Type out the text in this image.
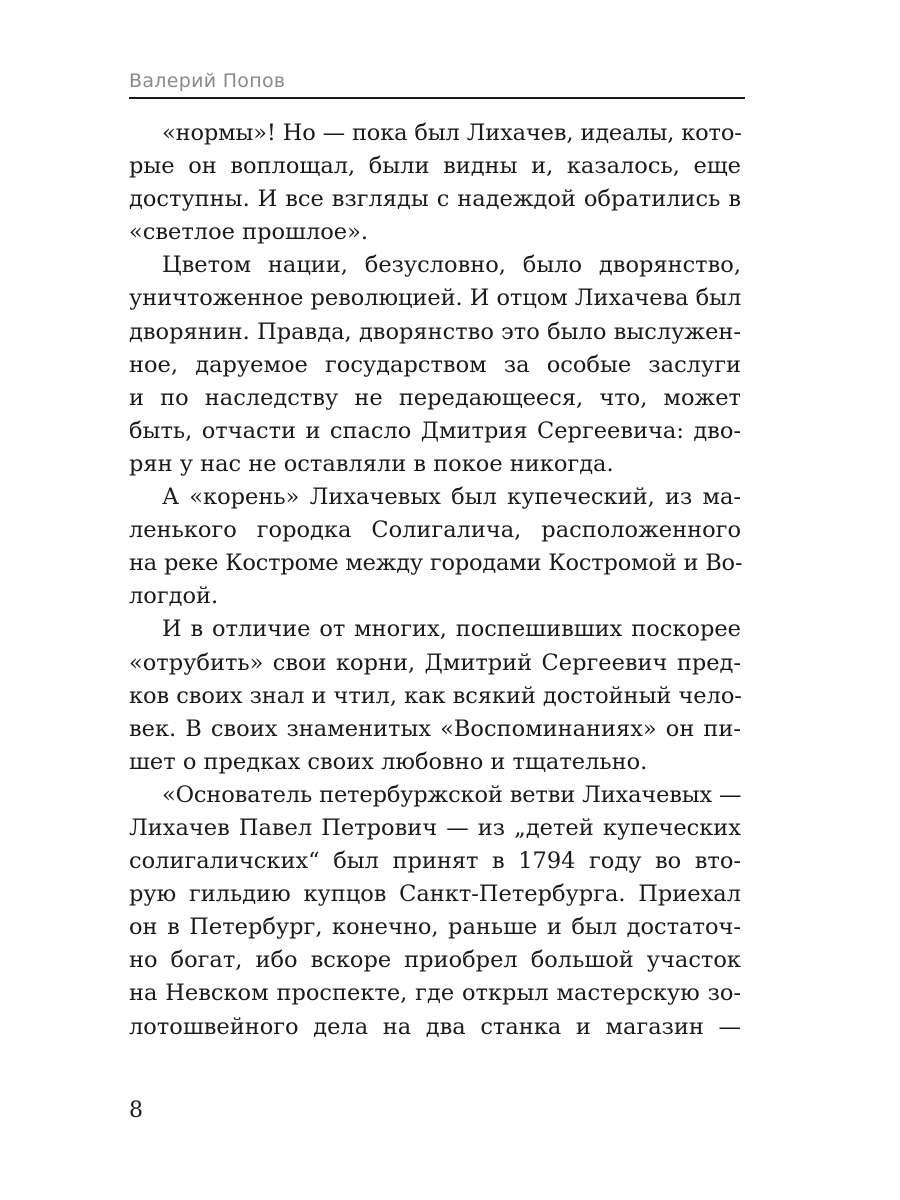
Валерий Попов

«нормы»! Но — пока был Лихачев, идеалы, кото-
рые он воплощал, были видны и, казалось, еще
доступны. И все взгляды с надеждой обратились в
«светлое прошлое».

Цветом нации, безусловно, было дворянство,
уничтоженное революцией. И отцом Лихачева был
дворянин. Правда, дворянство это было выслужен-
ное, даруемое государством за особые заслуги
и по наследству не передающееся, что, может
быть, отчасти и спасло Дмитрия Сергеевича: дво-
рян у нас не оставляли в покое никогда.

А «корень» Лихачевых был купеческий, из ма-
ленького городка Солигалича, расположенного
на реке Костроме между городами Костромой и Во-
логдой.

И в отличие от многих, поспешивших поскорее
«отрубить» свои корни, Дмитрий Сергеевич пред-
ков своих знал и чтил, как всякий достойный чело-
век. В своих знаменитых «Воспоминаниях» он пи-
шет о предках своих любовно и тщательно.

«Основатель петербуржской ветви Лихачевых —
Лихачев Павел Петрович — из „детей купеческих
солигаличских“ был принят в 1794 году во вто-
рую гильдию купцов Санкт-Петербурга. Приехал
он в Петербург, конечно, раньше и был достаточ-
но богат, ибо вскоре приобрел большой участок
на Невском проспекте, где открыл мастерскую зо-
лотошвейного дела на два станка и магазин —

8
